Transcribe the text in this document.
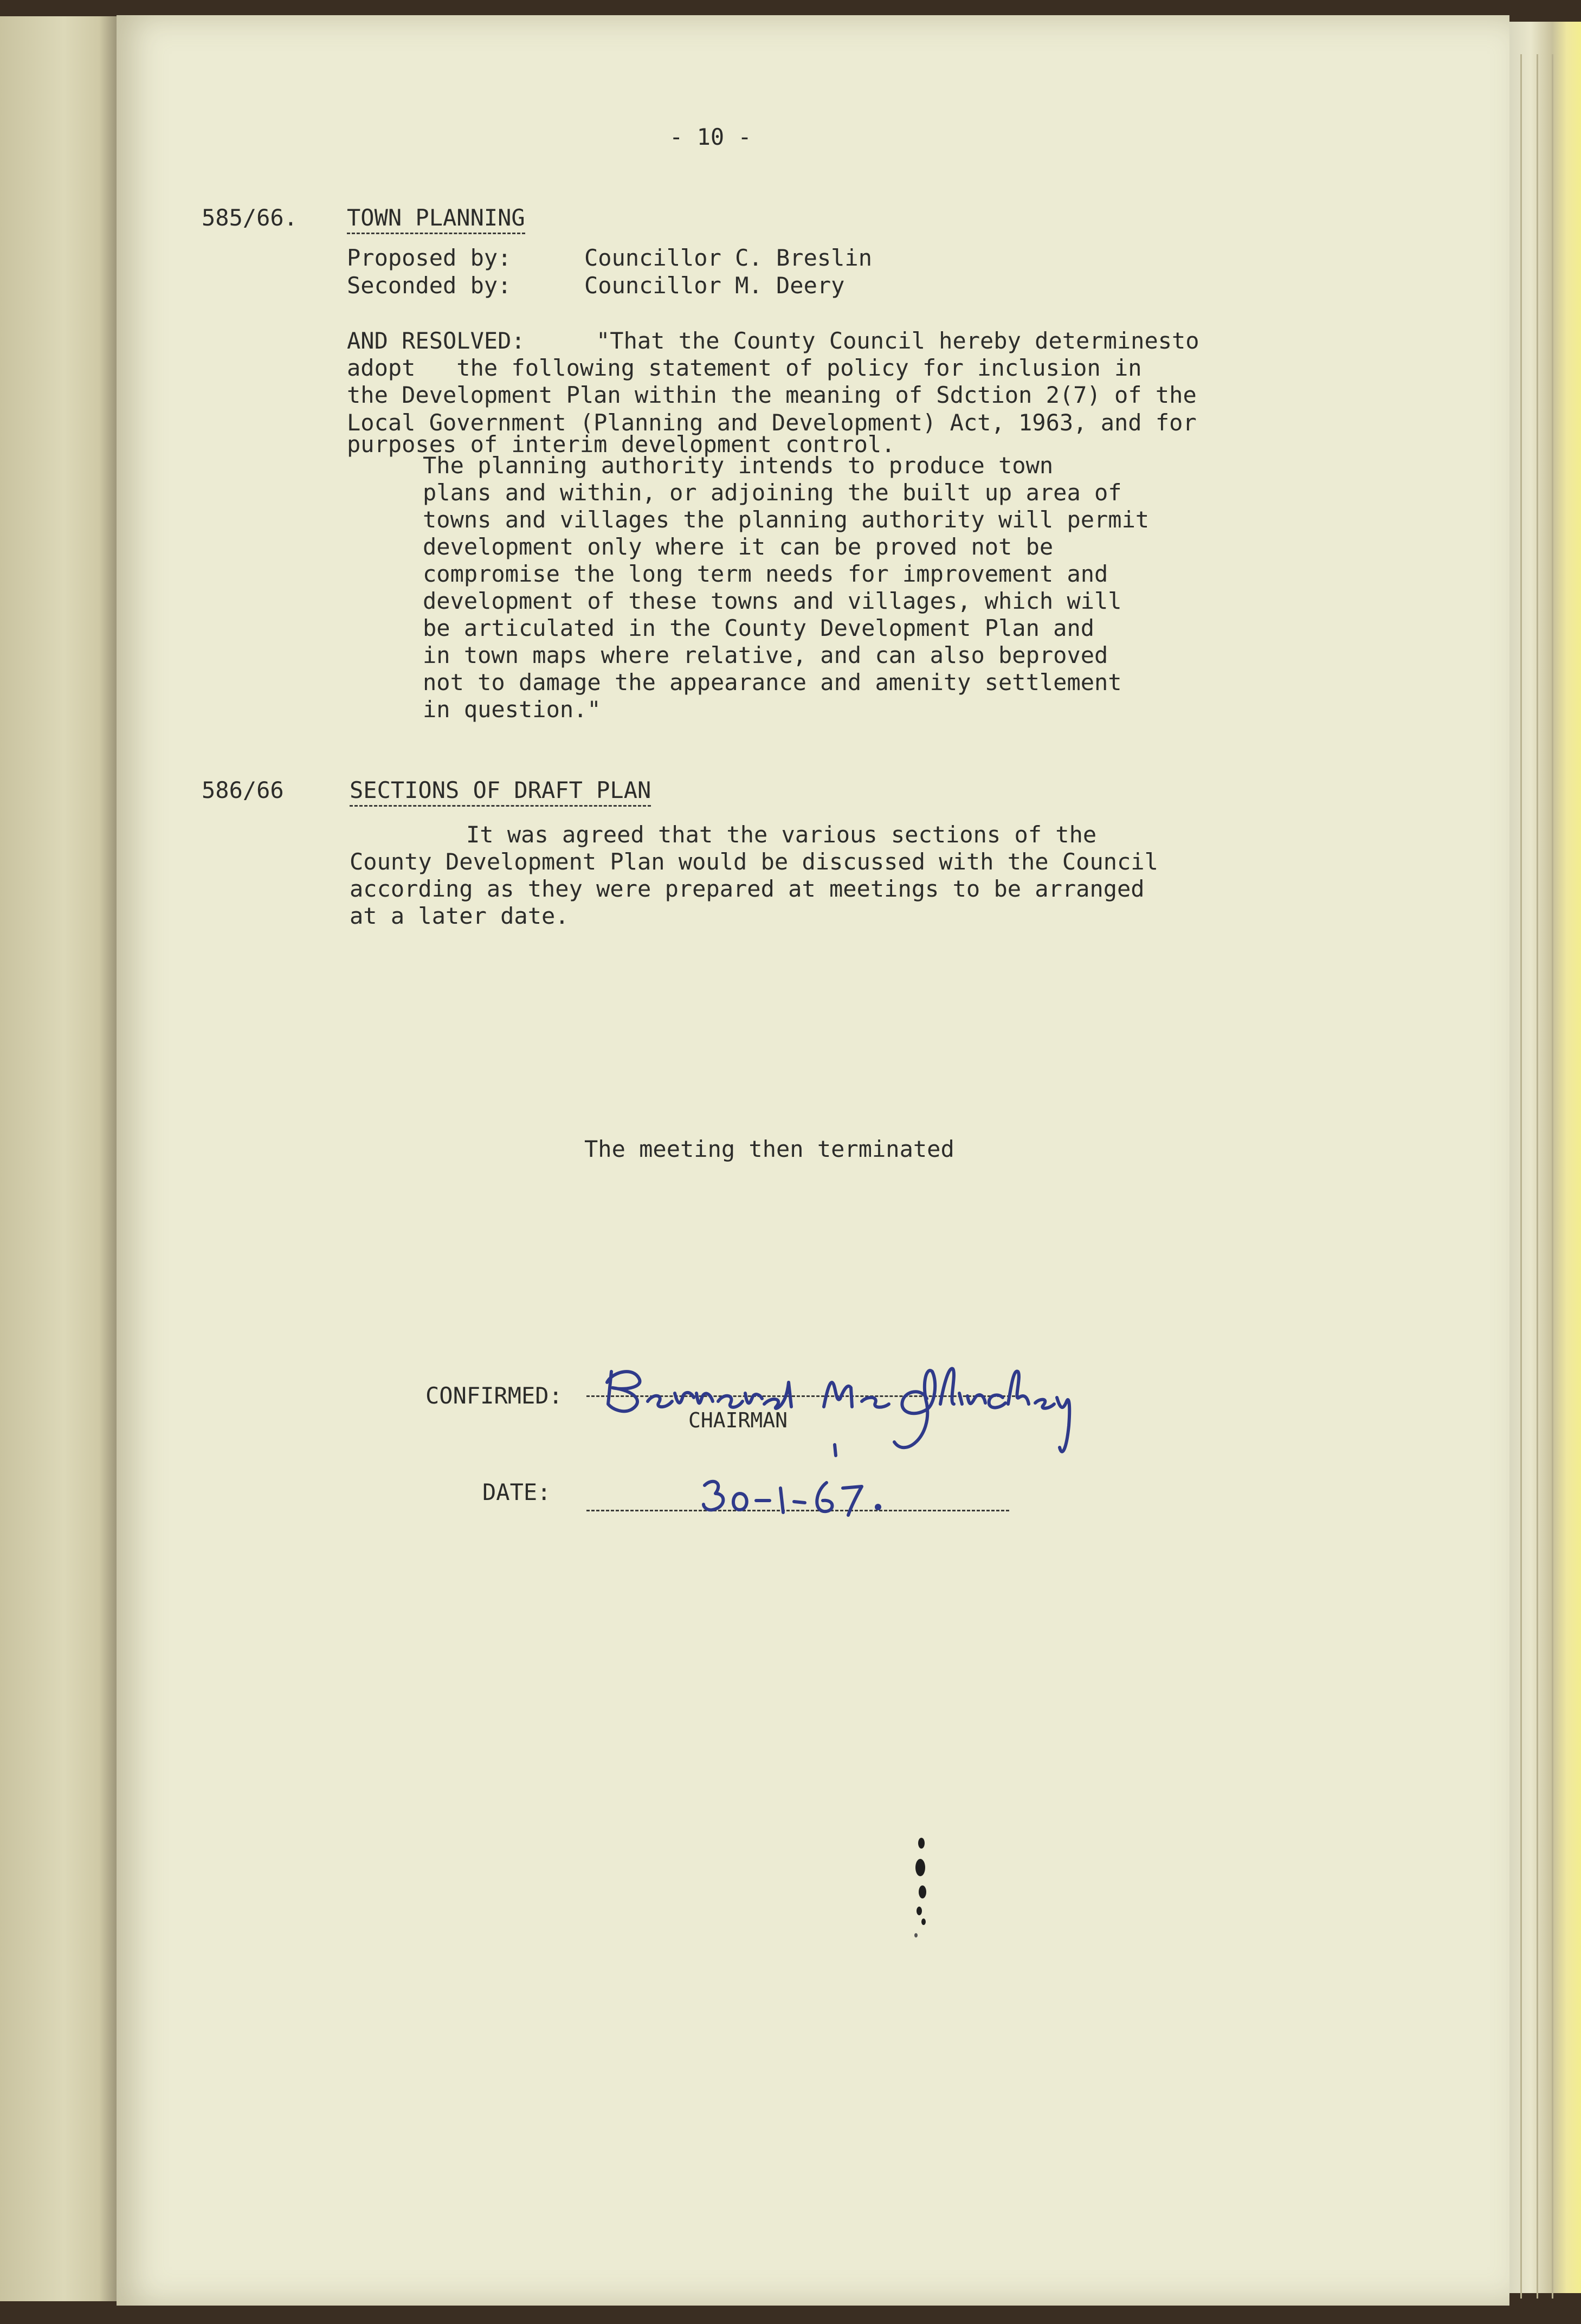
- 10 -
585/66. TOWN PLANNING
Proposed by:	Councillor C. Breslin
Seconded by:	Councillor M. Deery
AND RESOLVED:	"That the County Council hereby determinesto
adopt   the following statement of policy for inclusion in
the Development Plan within the meaning of Sdction 2(7) of the
Local Government (Planning and Development) Act, 1963, and for
purposes of interim development control.
The planning authority intends to produce town
plans and within, or adjoining the built up area of
towns and villages the planning authority will permit
development only where it can be proved not be
compromise the long term needs for improvement and
development of these towns and villages, which will
be articulated in the County Development Plan and
in town maps where relative, and can also beproved
not to damage the appearance and amenity settlement
in question."
586/66	SECTIONS OF DRAFT PLAN
It was agreed that the various sections of the
County Development Plan would be discussed with the Council
according as they were prepared at meetings to be arranged
at a later date.
The meeting then terminated
CONFIRMED:
CHAIRMAN
DATE:
